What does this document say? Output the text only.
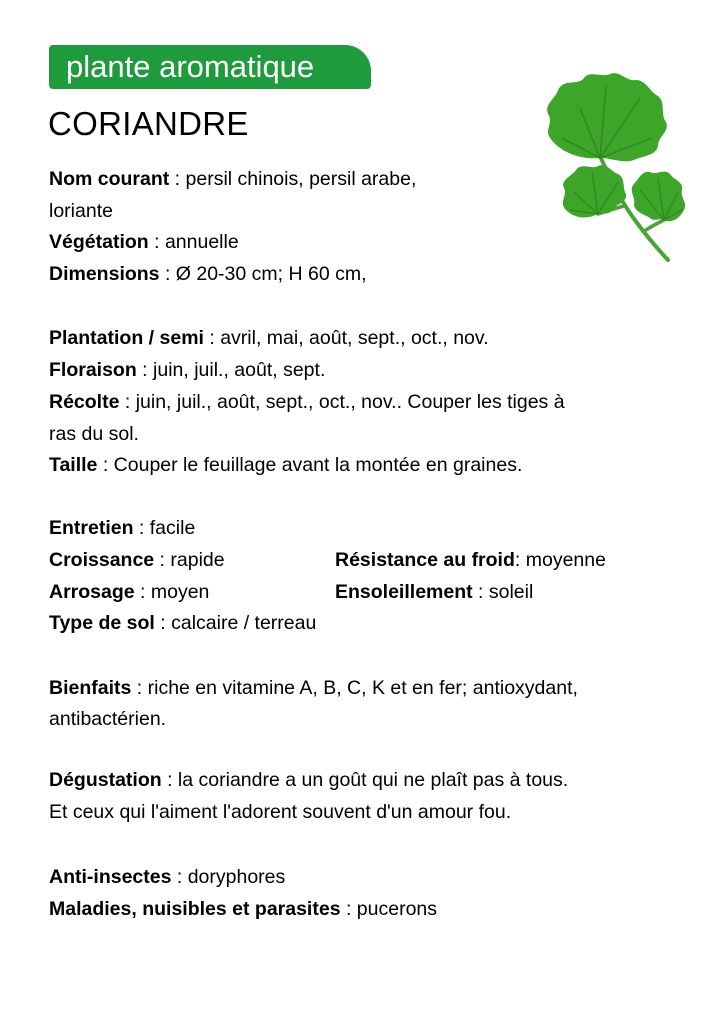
plante aromatique
CORIANDRE
Nom courant : persil chinois, persil arabe,
loriante
Végétation : annuelle
Dimensions : Ø 20-30 cm; H 60 cm,
Plantation / semi : avril, mai, août, sept., oct., nov.
Floraison : juin, juil., août, sept.
Récolte : juin, juil., août, sept., oct., nov.. Couper les tiges à
ras du sol.
Taille : Couper le feuillage avant la montée en graines.
Entretien : facile
Croissance : rapide	Résistance au froid: moyenne
Arrosage : moyen	Ensoleillement : soleil
Type de sol : calcaire / terreau
Bienfaits : riche en vitamine A, B, C, K et en fer; antioxydant,
antibactérien.
Dégustation : la coriandre a un goût qui ne plaît pas à tous.
Et ceux qui l'aiment l'adorent souvent d'un amour fou.
Anti-insectes : doryphores
Maladies, nuisibles et parasites : pucerons
